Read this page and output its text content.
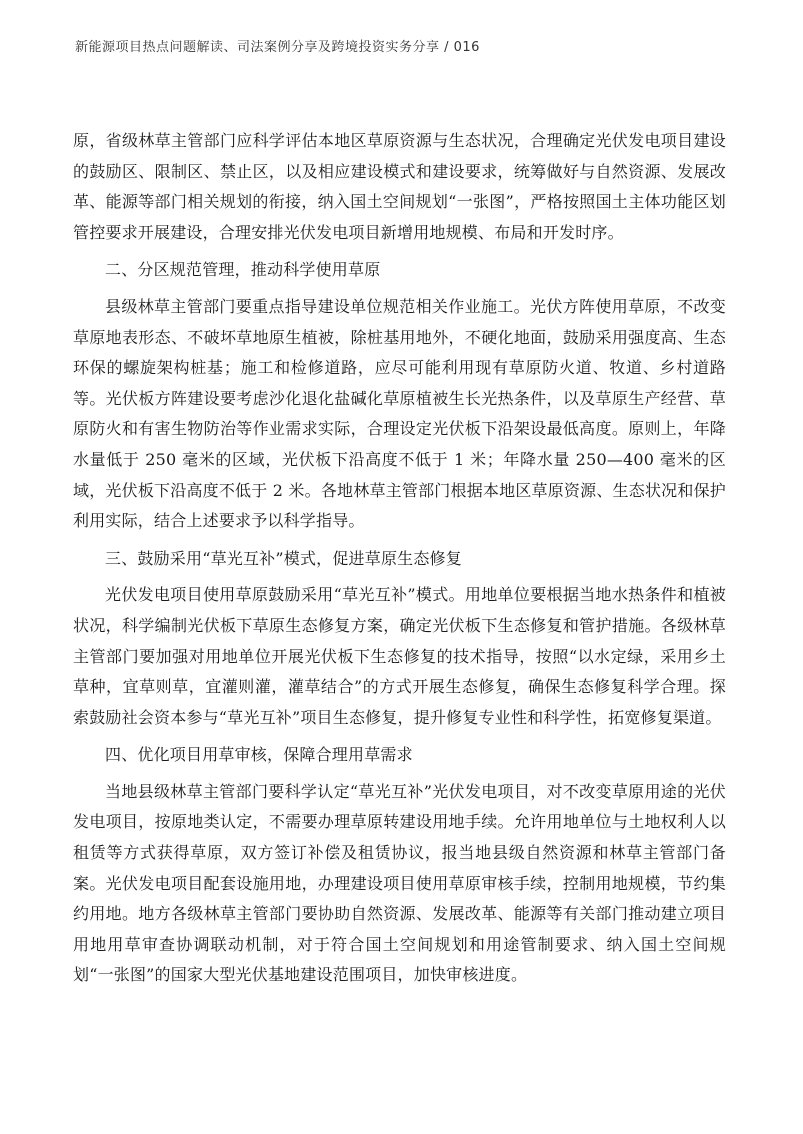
新能源项目热点问题解读、司法案例分享及跨境投资实务分享 / 016

原，省级林草主管部门应科学评估本地区草原资源与生态状况，合理确定光伏发电项目建设的鼓励区、限制区、禁止区，以及相应建设模式和建设要求，统筹做好与自然资源、发展改革、能源等部门相关规划的衔接，纳入国土空间规划“一张图”，严格按照国土主体功能区划管控要求开展建设，合理安排光伏发电项目新增用地规模、布局和开发时序。

二、分区规范管理，推动科学使用草原

县级林草主管部门要重点指导建设单位规范相关作业施工。光伏方阵使用草原，不改变草原地表形态、不破坏草地原生植被，除桩基用地外，不硬化地面，鼓励采用强度高、生态环保的螺旋架构桩基；施工和检修道路，应尽可能利用现有草原防火道、牧道、乡村道路等。光伏板方阵建设要考虑沙化退化盐碱化草原植被生长光热条件，以及草原生产经营、草原防火和有害生物防治等作业需求实际，合理设定光伏板下沿架设最低高度。原则上，年降水量低于 250 毫米的区域，光伏板下沿高度不低于 1 米；年降水量 250—400 毫米的区域，光伏板下沿高度不低于 2 米。各地林草主管部门根据本地区草原资源、生态状况和保护利用实际，结合上述要求予以科学指导。

三、鼓励采用“草光互补”模式，促进草原生态修复

光伏发电项目使用草原鼓励采用“草光互补”模式。用地单位要根据当地水热条件和植被状况，科学编制光伏板下草原生态修复方案，确定光伏板下生态修复和管护措施。各级林草主管部门要加强对用地单位开展光伏板下生态修复的技术指导，按照“以水定绿，采用乡土草种，宜草则草，宜灌则灌，灌草结合”的方式开展生态修复，确保生态修复科学合理。探索鼓励社会资本参与“草光互补”项目生态修复，提升修复专业性和科学性，拓宽修复渠道。

四、优化项目用草审核，保障合理用草需求

当地县级林草主管部门要科学认定“草光互补”光伏发电项目，对不改变草原用途的光伏发电项目，按原地类认定，不需要办理草原转建设用地手续。允许用地单位与土地权利人以租赁等方式获得草原，双方签订补偿及租赁协议，报当地县级自然资源和林草主管部门备案。光伏发电项目配套设施用地，办理建设项目使用草原审核手续，控制用地规模，节约集约用地。地方各级林草主管部门要协助自然资源、发展改革、能源等有关部门推动建立项目用地用草审查协调联动机制，对于符合国土空间规划和用途管制要求、纳入国土空间规划“一张图”的国家大型光伏基地建设范围项目，加快审核进度。
